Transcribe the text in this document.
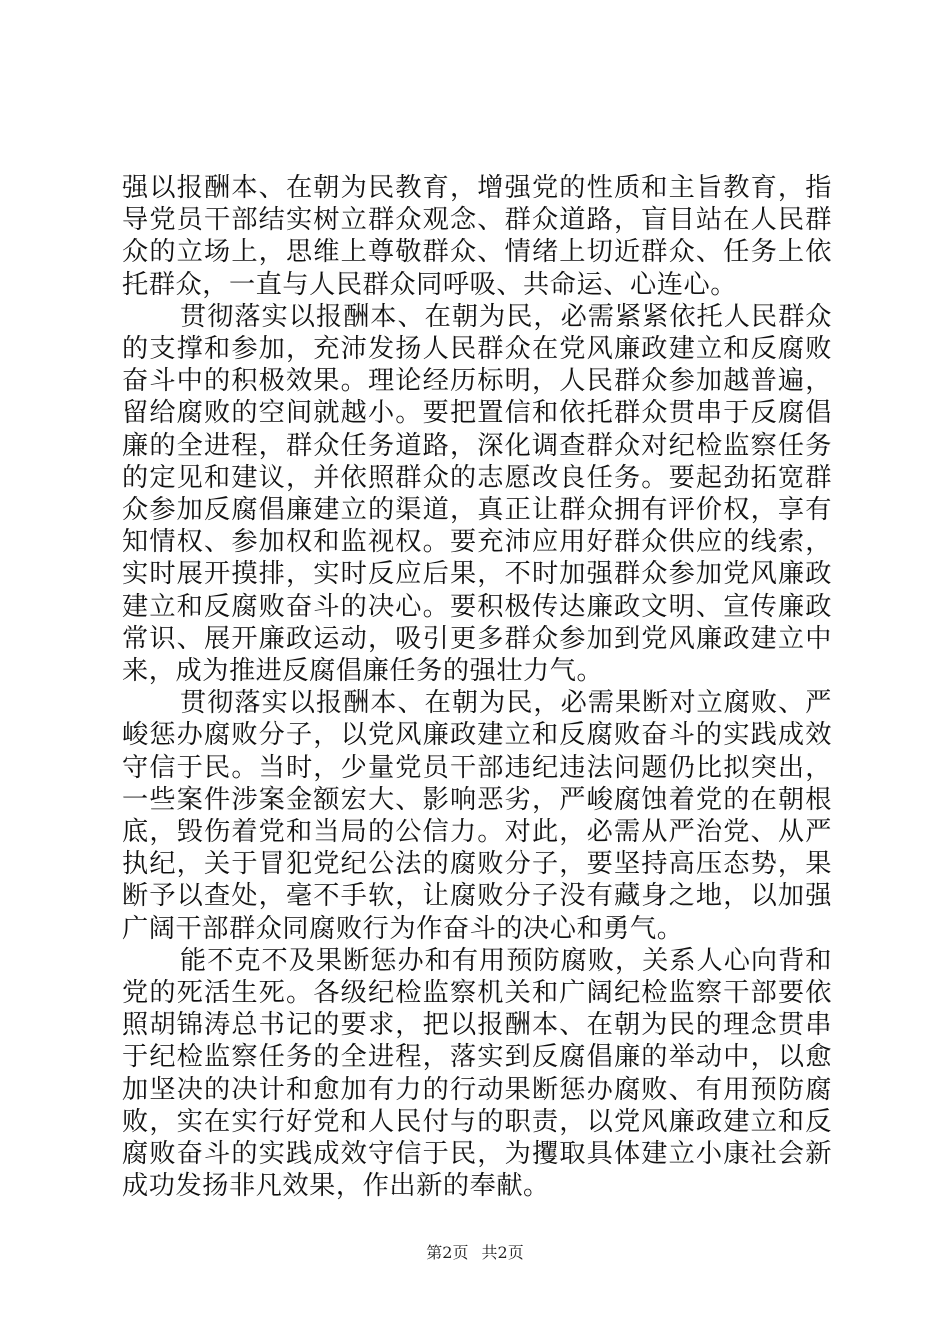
强以报酬本、在朝为民教育，增强党的性质和主旨教育，指导党员干部结实树立群众观念、群众道路，盲目站在人民群众的立场上，思维上尊敬群众、情绪上切近群众、任务上依托群众，一直与人民群众同呼吸、共命运、心连心。

贯彻落实以报酬本、在朝为民，必需紧紧依托人民群众的支撑和参加，充沛发扬人民群众在党风廉政建立和反腐败奋斗中的积极效果。理论经历标明，人民群众参加越普遍，留给腐败的空间就越小。要把置信和依托群众贯串于反腐倡廉的全进程，群众任务道路，深化调查群众对纪检监察任务的定见和建议，并依照群众的志愿改良任务。要起劲拓宽群众参加反腐倡廉建立的渠道，真正让群众拥有评价权，享有知情权、参加权和监视权。要充沛应用好群众供应的线索，实时展开摸排，实时反应后果，不时加强群众参加党风廉政建立和反腐败奋斗的决心。要积极传达廉政文明、宣传廉政常识、展开廉政运动，吸引更多群众参加到党风廉政建立中来，成为推进反腐倡廉任务的强壮力气。

贯彻落实以报酬本、在朝为民，必需果断对立腐败、严峻惩办腐败分子，以党风廉政建立和反腐败奋斗的实践成效守信于民。当时，少量党员干部违纪违法问题仍比拟突出，一些案件涉案金额宏大、影响恶劣，严峻腐蚀着党的在朝根底，毁伤着党和当局的公信力。对此，必需从严治党、从严执纪，关于冒犯党纪公法的腐败分子，要坚持高压态势，果断予以查处，毫不手软，让腐败分子没有藏身之地，以加强广阔干部群众同腐败行为作奋斗的决心和勇气。

能不克不及果断惩办和有用预防腐败，关系人心向背和党的死活生死。各级纪检监察机关和广阔纪检监察干部要依照胡锦涛总书记的要求，把以报酬本、在朝为民的理念贯串于纪检监察任务的全进程，落实到反腐倡廉的举动中，以愈加坚决的决计和愈加有力的行动果断惩办腐败、有用预防腐败，实在实行好党和人民付与的职责，以党风廉政建立和反腐败奋斗的实践成效守信于民，为攫取具体建立小康社会新成功发扬非凡效果，作出新的奉献。

第2页 共2页
